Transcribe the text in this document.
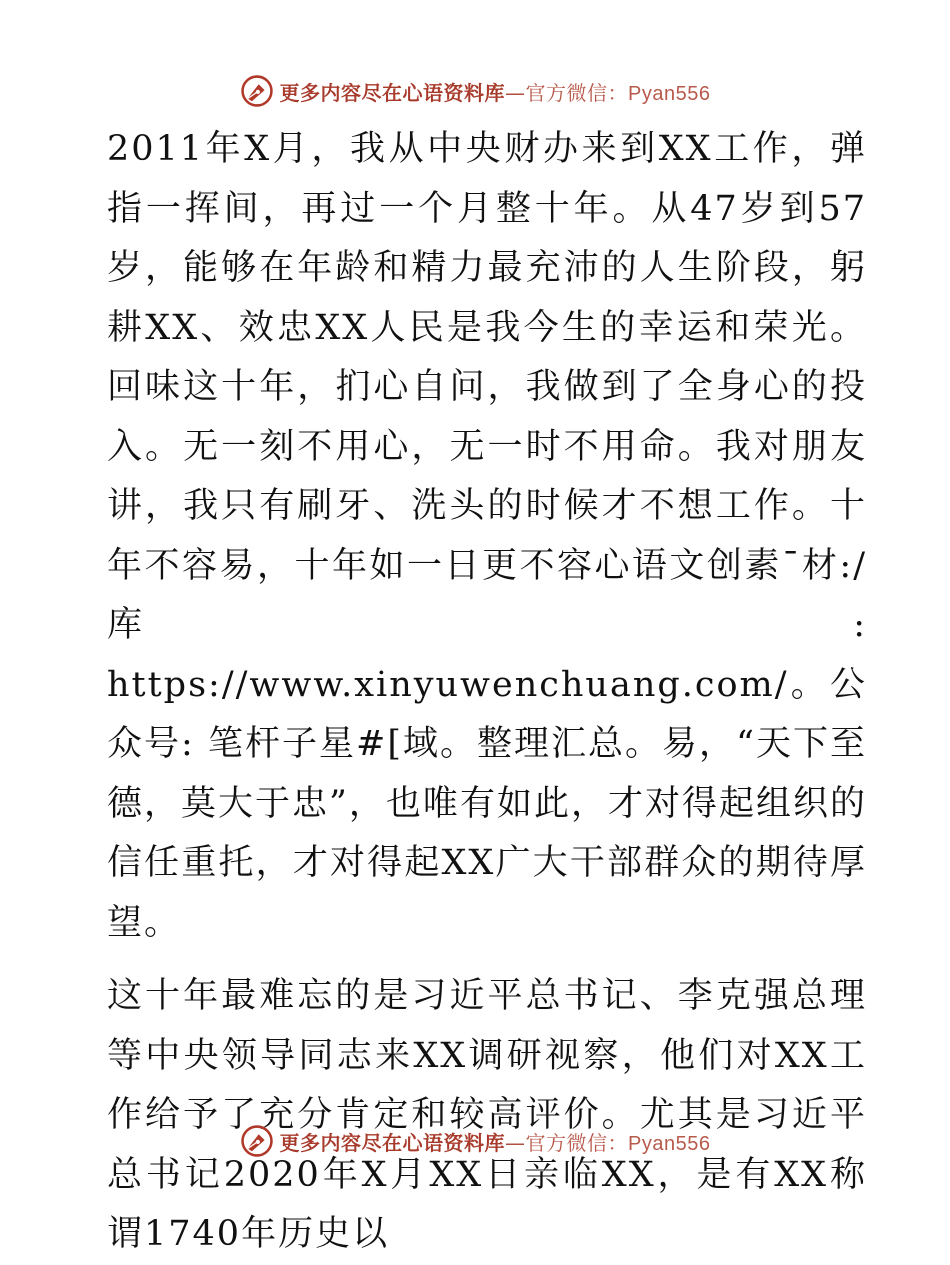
更多内容尽在心语资料库—官方微信：Pyan556

2011年X月，我从中央财办来到XX工作，弹指一挥间，再过一个月整十年。从47岁到57岁，能够在年龄和精力最充沛的人生阶段，躬耕XX、效忠XX人民是我今生的幸运和荣光。回味这十年，扪心自问，我做到了全身心的投入。无一刻不用心，无一时不用命。我对朋友讲，我只有刷牙、洗头的时候才不想工作。十年不容易，十年如一日更不容心语文创素¯材:/库: https://www.xinyuwenchuang.com/。公众号: 笔杆子星#[域。整理汇总。易，“天下至德，莫大于忠”，也唯有如此，才对得起组织的信任重托，才对得起XX广大干部群众的期待厚望。

这十年最难忘的是习近平总书记、李克强总理等中央领导同志来XX调研视察，他们对XX工作给予了充分肯定和较高评价。尤其是习近平总书记2020年X月XX日亲临XX，是有XX称谓1740年历史以

更多内容尽在心语资料库—官方微信：Pyan556
